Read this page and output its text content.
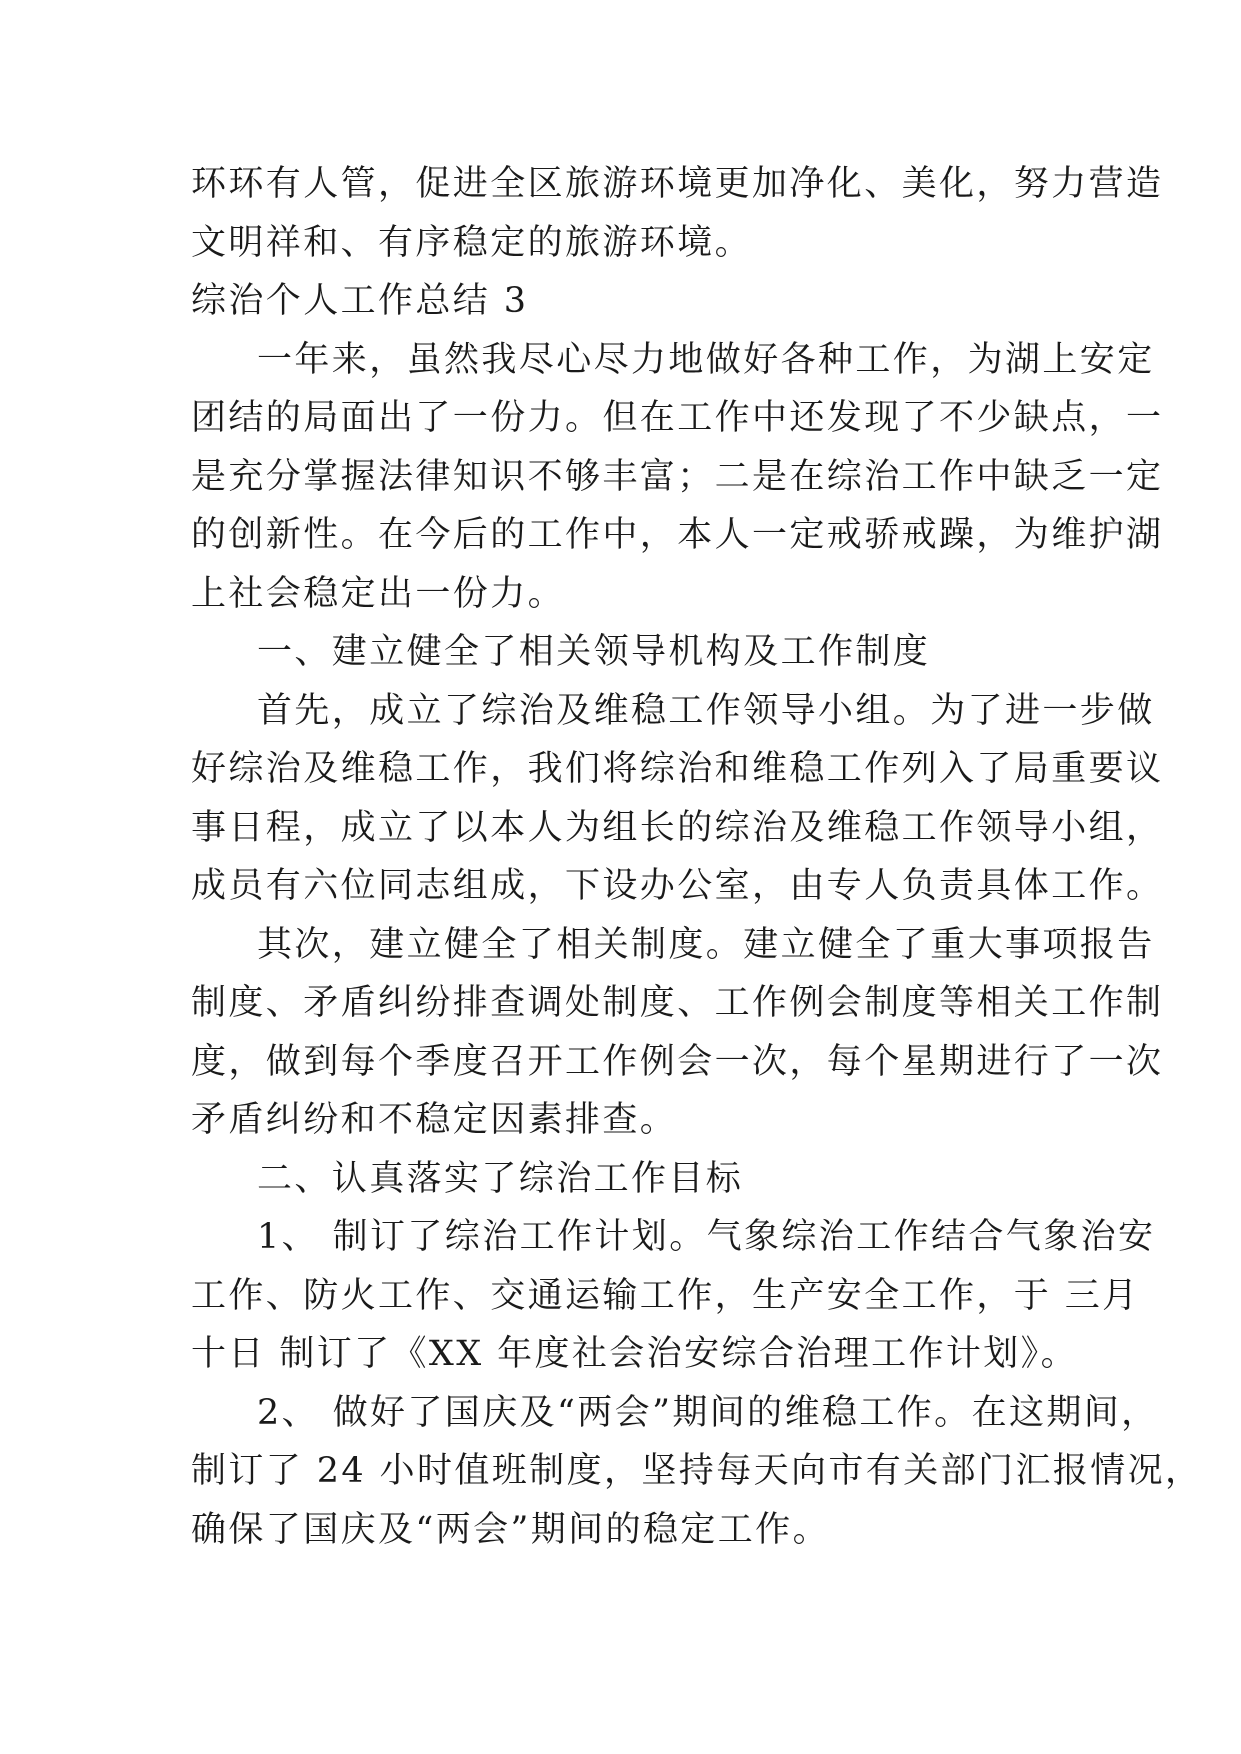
环环有人管，促进全区旅游环境更加净化、美化，努力营造
文明祥和、有序稳定的旅游环境。
综治个人工作总结 3
一年来，虽然我尽心尽力地做好各种工作，为湖上安定
团结的局面出了一份力。但在工作中还发现了不少缺点，一
是充分掌握法律知识不够丰富；二是在综治工作中缺乏一定
的创新性。在今后的工作中，本人一定戒骄戒躁，为维护湖
上社会稳定出一份力。
一、建立健全了相关领导机构及工作制度
首先，成立了综治及维稳工作领导小组。为了进一步做
好综治及维稳工作，我们将综治和维稳工作列入了局重要议
事日程，成立了以本人为组长的综治及维稳工作领导小组，
成员有六位同志组成，下设办公室，由专人负责具体工作。
其次，建立健全了相关制度。建立健全了重大事项报告
制度、矛盾纠纷排查调处制度、工作例会制度等相关工作制
度，做到每个季度召开工作例会一次，每个星期进行了一次
矛盾纠纷和不稳定因素排查。
二、认真落实了综治工作目标
1、 制订了综治工作计划。气象综治工作结合气象治安
工作、防火工作、交通运输工作，生产安全工作，于 三月
十日 制订了《XX 年度社会治安综合治理工作计划》。
2、 做好了国庆及“两会”期间的维稳工作。在这期间，
制订了 24 小时值班制度，坚持每天向市有关部门汇报情况，
确保了国庆及“两会”期间的稳定工作。
